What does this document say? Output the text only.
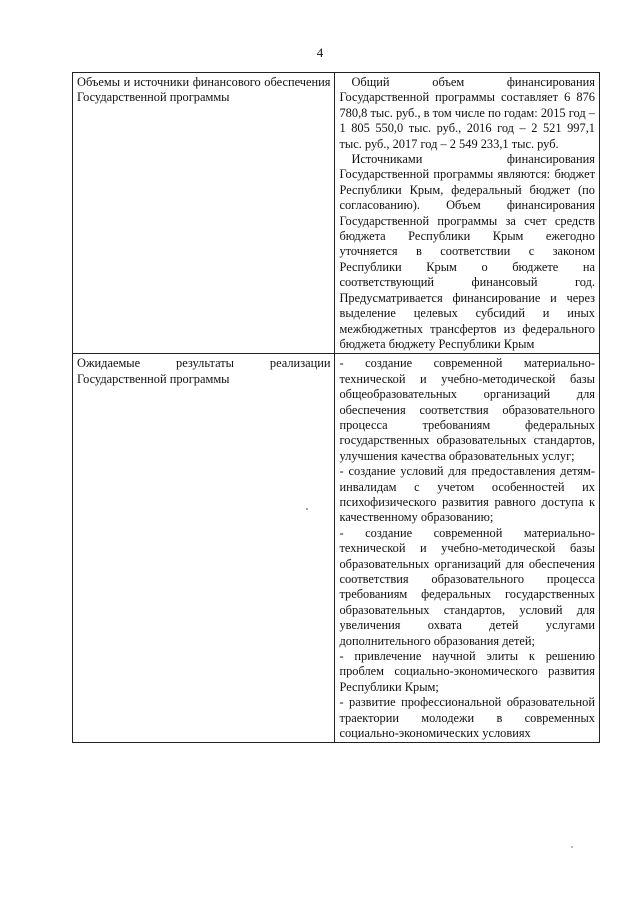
4

Объемы и источники финансового обеспечения Государственной программы	Общий объем финансирования Государственной программы составляет 6 876 780,8 тыс. руб., в том числе по годам: 2015 год – 1 805 550,0 тыс. руб., 2016 год – 2 521 997,1 тыс. руб., 2017 год – 2 549 233,1 тыс. руб.

Источниками финансирования Государственной программы являются: бюджет Республики Крым, федеральный бюджет (по согласованию). Объем финансирования Государственной программы за счет средств бюджета Республики Крым ежегодно уточняется в соответствии с законом Республики Крым о бюджете на соответствующий финансовый год. Предусматривается финансирование и через выделение целевых субсидий и иных межбюджетных трансфертов из федерального бюджета бюджету Республики Крым

Ожидаемые результаты реализации Государственной программы	- создание современной материально-технической и учебно-методической базы общеобразовательных организаций для обеспечения соответствия образовательного процесса требованиям федеральных государственных образовательных стандартов, улучшения качества образовательных услуг;

- создание условий для предоставления детям-инвалидам с учетом особенностей их психофизического развития равного доступа к качественному образованию;

- создание современной материально-технической и учебно-методической базы образовательных организаций для обеспечения соответствия образовательного процесса требованиям федеральных государственных образовательных стандартов, условий для увеличения охвата детей услугами дополнительного образования детей;

- привлечение научной элиты к решению проблем социально-экономического развития Республики Крым;

- развитие профессиональной образовательной траектории молодежи в современных социально-экономических условиях
